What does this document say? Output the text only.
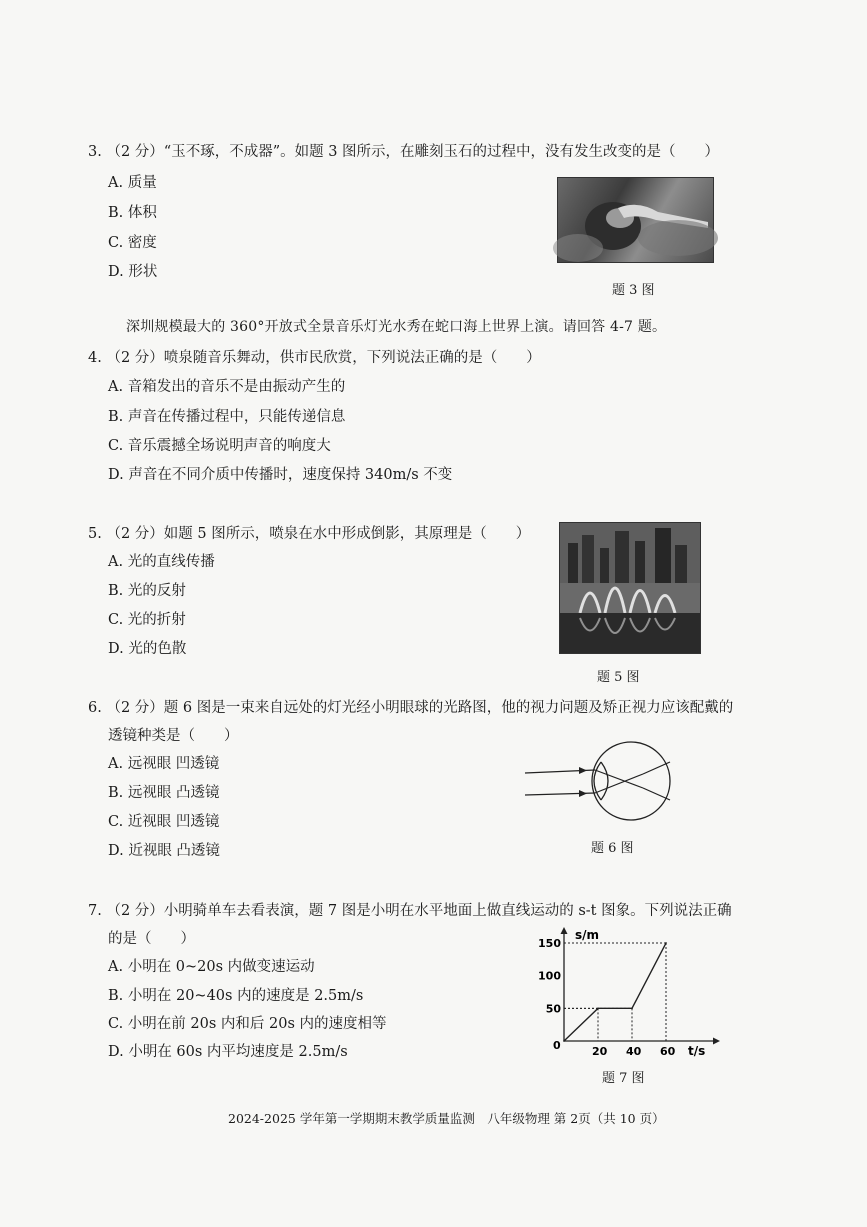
3. （2 分）“玉不琢，不成器”。如题 3 图所示，在雕刻玉石的过程中，没有发生改变的是（　　）
A. 质量
B. 体积
C. 密度
D. 形状
题 3 图
深圳规模最大的 360°开放式全景音乐灯光水秀在蛇口海上世界上演。请回答 4-7 题。
4. （2 分）喷泉随音乐舞动，供市民欣赏，下列说法正确的是（　　）
A. 音箱发出的音乐不是由振动产生的
B. 声音在传播过程中，只能传递信息
C. 音乐震撼全场说明声音的响度大
D. 声音在不同介质中传播时，速度保持 340m/s 不变
5. （2 分）如题 5 图所示，喷泉在水中形成倒影，其原理是（　　）
A. 光的直线传播
B. 光的反射
C. 光的折射
D. 光的色散
题 5 图
6. （2 分）题 6 图是一束来自远处的灯光经小明眼球的光路图，他的视力问题及矫正视力应该配戴的
透镜种类是（　　）
A. 远视眼 凹透镜
B. 远视眼 凸透镜
C. 近视眼 凹透镜
D. 近视眼 凸透镜	题 6 图
7. （2 分）小明骑单车去看表演，题 7 图是小明在水平地面上做直线运动的 s-t 图象。下列说法正确
的是（　　）
A. 小明在 0~20s 内做变速运动
B. 小明在 20~40s 内的速度是 2.5m/s
C. 小明在前 20s 内和后 20s 内的速度相等
D. 小明在 60s 内平均速度是 2.5m/s
s/m
t/s
0	20 40 60
50
100
150
题 7 图
2024-2025 学年第一学期期末教学质量监测　八年级物理 第 2页（共 10 页）
